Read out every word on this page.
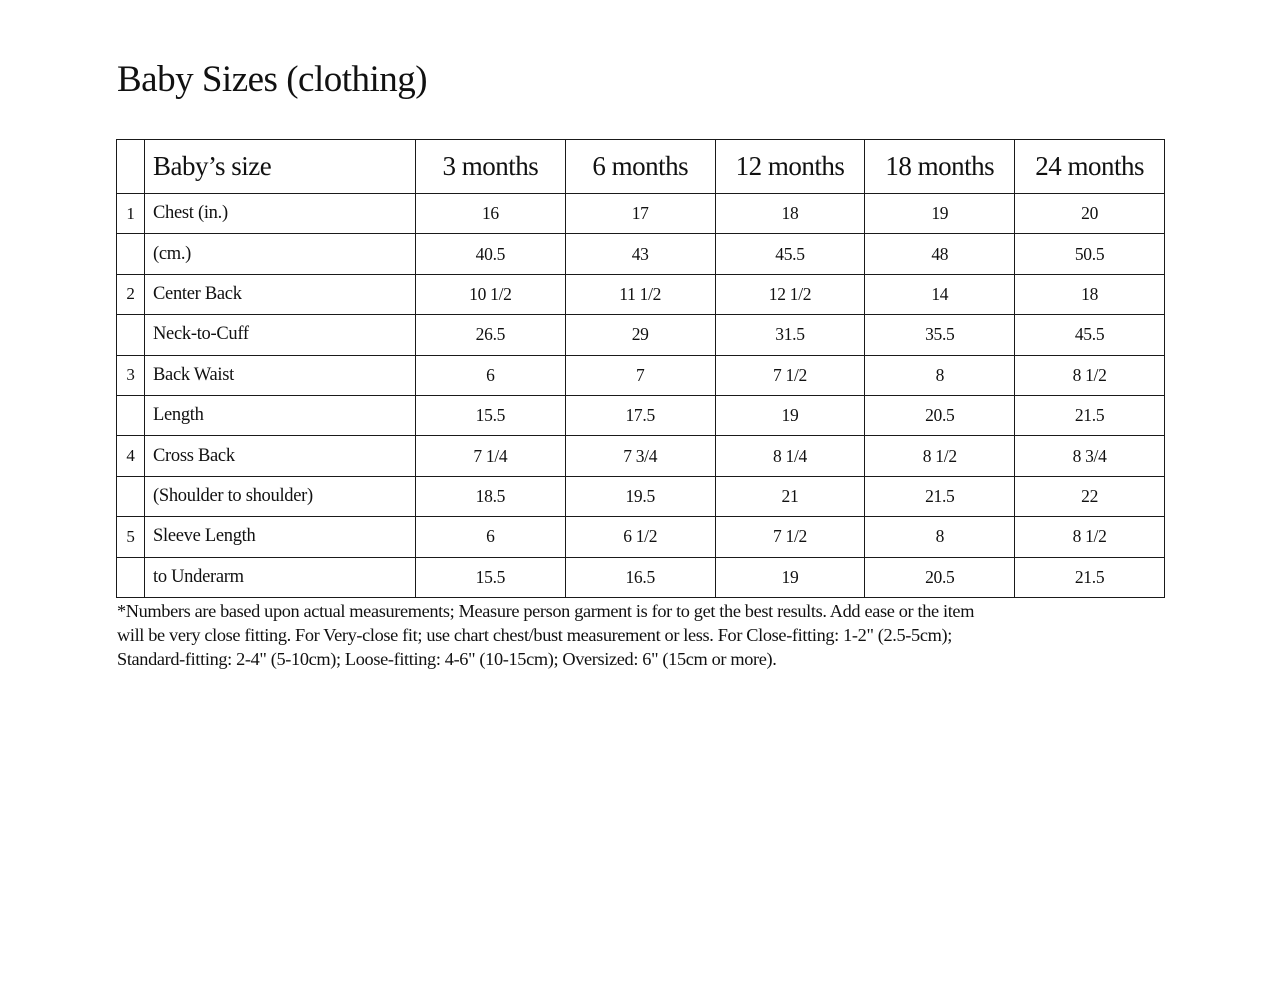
Baby Sizes (clothing)
	Baby’s size	3 months	6 months	12 months	18 months	24 months
1	Chest (in.)	16	17	18	19	20
	(cm.)	40.5	43	45.5	48	50.5
2	Center Back	10 1/2	11 1/2	12 1/2	14	18
	Neck-to-Cuff	26.5	29	31.5	35.5	45.5
3	Back Waist	6	7	7 1/2	8	8 1/2
	Length	15.5	17.5	19	20.5	21.5
4	Cross Back	7 1/4	7 3/4	8 1/4	8 1/2	8 3/4
	(Shoulder to shoulder)	18.5	19.5	21	21.5	22
5	Sleeve Length	6	6 1/2	7 1/2	8	8 1/2
	to Underarm	15.5	16.5	19	20.5	21.5

*Numbers are based upon actual measurements; Measure person garment is for to get the best results. Add ease or the item
will be very close fitting. For Very-close fit; use chart chest/bust measurement or less. For Close-fitting: 1-2" (2.5-5cm);
Standard-fitting: 2-4" (5-10cm); Loose-fitting: 4-6" (10-15cm); Oversized: 6" (15cm or more).
